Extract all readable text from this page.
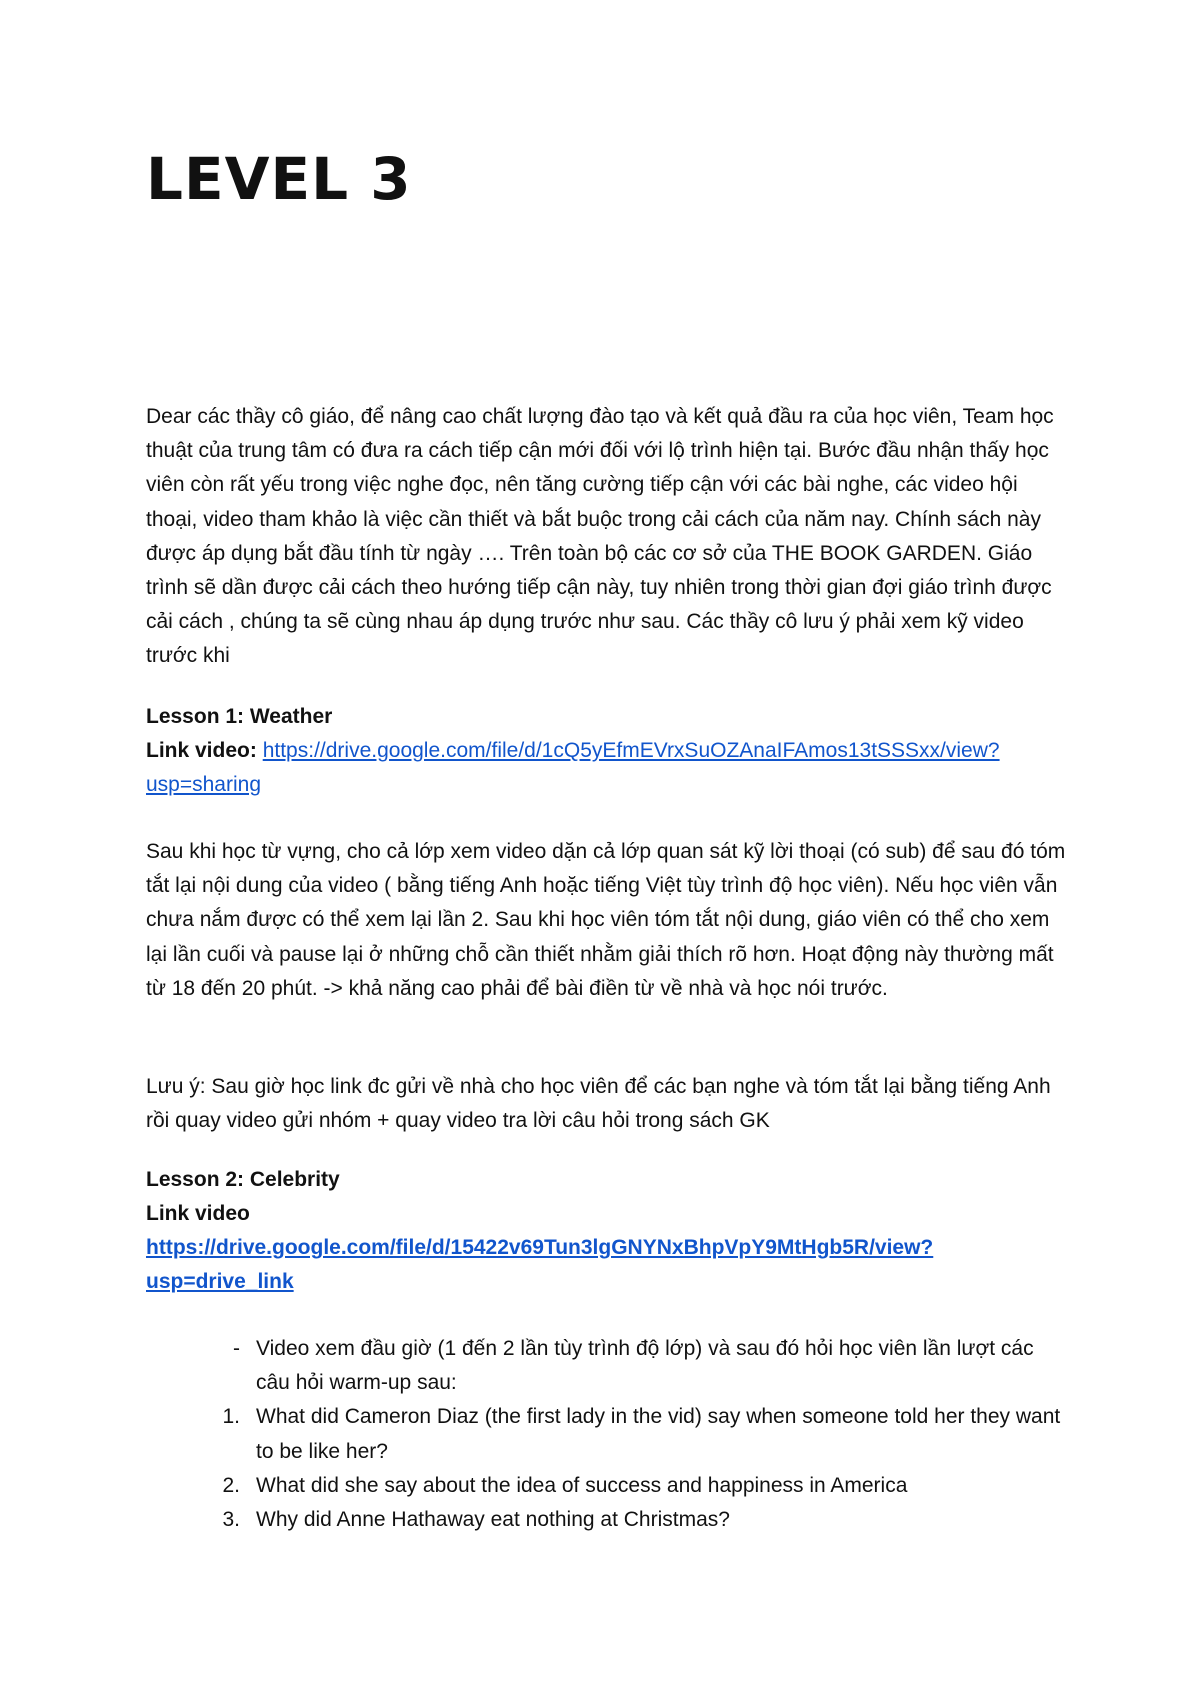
LEVEL 3

Dear các thầy cô giáo, để nâng cao chất lượng đào tạo và kết quả đầu ra của học viên, Team học thuật của trung tâm có đưa ra cách tiếp cận mới đối với lộ trình hiện tại. Bước đầu nhận thấy học viên còn rất yếu trong việc nghe đọc, nên tăng cường tiếp cận với các bài nghe, các video hội thoại, video tham khảo là việc cần thiết và bắt buộc trong cải cách của năm nay. Chính sách này được áp dụng bắt đầu tính từ ngày …. Trên toàn bộ các cơ sở của THE BOOK GARDEN. Giáo trình sẽ dần được cải cách theo hướng tiếp cận này, tuy nhiên trong thời gian đợi giáo trình được cải cách , chúng ta sẽ cùng nhau áp dụng trước như sau. Các thầy cô lưu ý phải xem kỹ video trước khi

Lesson 1: Weather

Link video: https://drive.google.com/file/d/1cQ5yEfmEVrxSuOZAnaIFAmos13tSSSxx/view?usp=sharing

Sau khi học từ vựng, cho cả lớp xem video dặn cả lớp quan sát kỹ lời thoại (có sub) để sau đó tóm tắt lại nội dung của video ( bằng tiếng Anh hoặc tiếng Việt tùy trình độ học viên). Nếu học viên vẫn chưa nắm được có thể xem lại lần 2. Sau khi học viên tóm tắt nội dung, giáo viên có thể cho xem lại lần cuối và pause lại ở những chỗ cần thiết nhằm giải thích rõ hơn. Hoạt động này thường mất từ 18 đến 20 phút. -> khả năng cao phải để bài điền từ về nhà và học nói trước.

Lưu ý: Sau giờ học link đc gửi về nhà cho học viên để các bạn nghe và tóm tắt lại bằng tiếng Anh rồi quay video gửi nhóm + quay video tra lời câu hỏi trong sách GK

Lesson 2: Celebrity
Link video

https://drive.google.com/file/d/15422v69Tun3lgGNYNxBhpVpY9MtHgb5R/view?usp=drive_link

- Video xem đầu giờ (1 đến 2 lần tùy trình độ lớp) và sau đó hỏi học viên lần lượt các câu hỏi warm-up sau:
1. What did Cameron Diaz (the first lady in the vid) say when someone told her they want to be like her?
2. What did she say about the idea of success and happiness in America
3. Why did Anne Hathaway eat nothing at Christmas?
